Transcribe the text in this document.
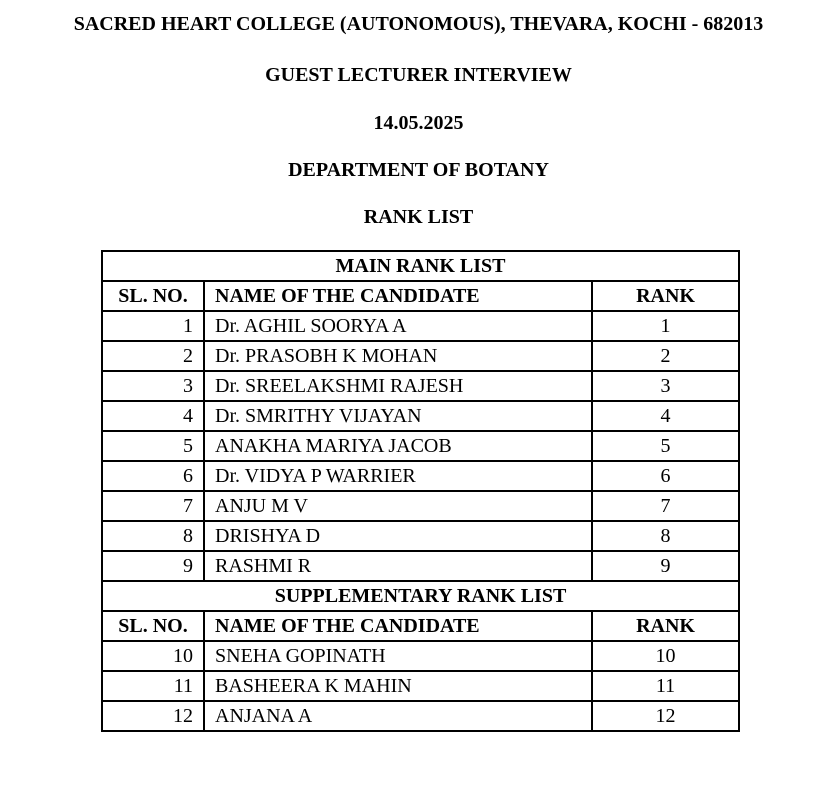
SACRED HEART COLLEGE (AUTONOMOUS), THEVARA, KOCHI - 682013
GUEST LECTURER INTERVIEW
14.05.2025
DEPARTMENT OF BOTANY
RANK LIST
MAIN RANK LIST		
SL. NO.	NAME OF THE CANDIDATE	RANK
1	Dr. AGHIL SOORYA A	1
2	Dr. PRASOBH K MOHAN	2
3	Dr. SREELAKSHMI RAJESH	3
4	Dr. SMRITHY VIJAYAN	4
5	ANAKHA MARIYA JACOB	5
6	Dr. VIDYA P WARRIER	6
7	ANJU M V	7
8	DRISHYA D	8
9	RASHMI R	9
SUPPLEMENTARY RANK LIST		
SL. NO.	NAME OF THE CANDIDATE	RANK
10	SNEHA GOPINATH	10
11	BASHEERA K MAHIN	11
12	ANJANA A	12
